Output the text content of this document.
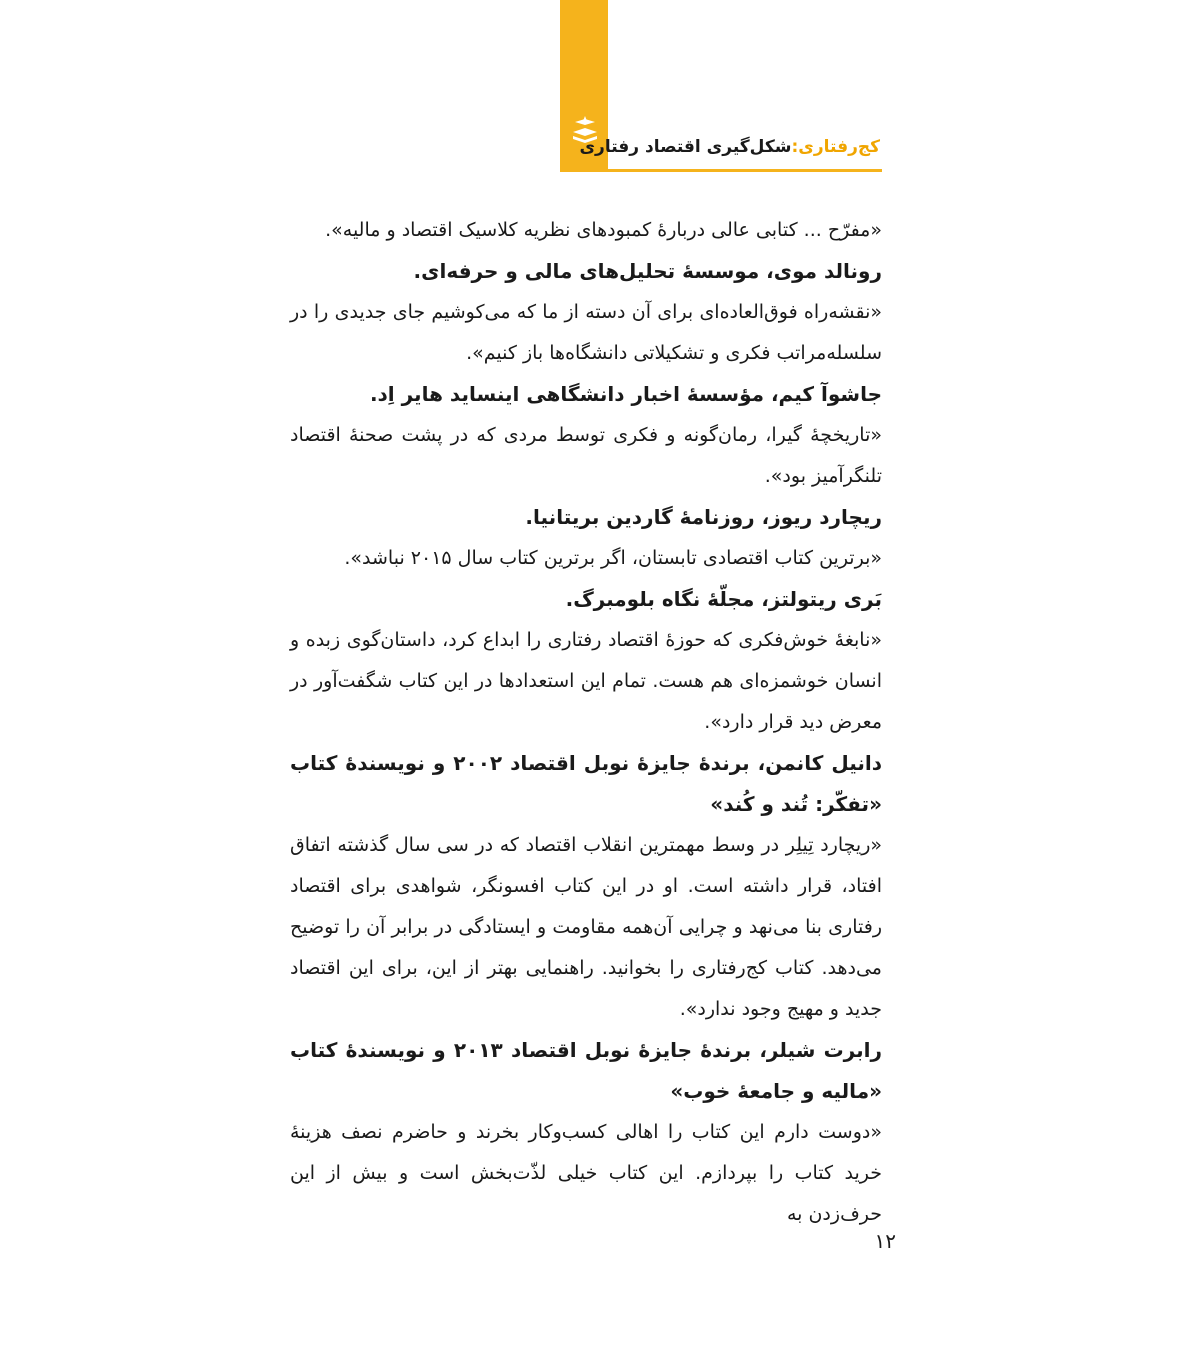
کج‌رفتاری:شکل‌گیری اقتصاد رفتاری

«مفرّح ... کتابی عالی دربارهٔ کمبودهای نظریه کلاسیک اقتصاد و مالیه».

رونالد موی، موسسهٔ تحلیل‌های مالی و حرفه‌ای.

«نقشه‌راه فوق‌العاده‌ای برای آن دسته از ما که می‌کوشیم جای جدیدی را در سلسله‌مراتب فکری و تشکیلاتی دانشگاه‌ها باز کنیم».

جاشوآ کیم، مؤسسهٔ اخبار دانشگاهی اینساید هایر اِد.

«تاریخچهٔ گیرا، رمان‌گونه و فکری توسط مردی که در پشت صحنهٔ اقتصاد تلنگرآمیز بود».

ریچارد ریوز، روزنامهٔ گاردین بریتانیا.

«برترین کتاب اقتصادی تابستان، اگر برترین کتاب سال ۲۰۱۵ نباشد».

بَری ریتولتز، مجلّهٔ نگاه بلومبرگ.

«نابغهٔ خوش‌فکری که حوزهٔ اقتصاد رفتاری را ابداع کرد، داستان‌گوی زبده و انسان خوشمزه‌ای هم هست. تمام این استعدادها در این کتاب شگفت‌آور در معرض دید قرار دارد».

دانیل کانمن، برندهٔ جایزهٔ نوبل اقتصاد ۲۰۰۲ و نویسندهٔ کتاب «تفکّر: تُند و کُند»

«ریچارد تِیلِر در وسط مهمترین انقلاب اقتصاد که در سی سال گذشته اتفاق افتاد، قرار داشته است. او در این کتاب افسونگر، شواهدی برای اقتصاد رفتاری بنا می‌نهد و چرایی آن‌همه مقاومت و ایستادگی در برابر آن را توضیح می‌دهد. کتاب کج‌رفتاری را بخوانید. راهنمایی بهتر از این، برای این اقتصاد جدید و مهیج وجود ندارد».

رابرت شیلر، برندهٔ جایزهٔ نوبل اقتصاد ۲۰۱۳ و نویسندهٔ کتاب «مالیه و جامعهٔ خوب»

«دوست دارم این کتاب را اهالی کسب‌وکار بخرند و حاضرم نصف هزینهٔ خرید کتاب را بپردازم. این کتاب خیلی لذّت‌بخش است و بیش از این حرف‌زدن به

۱۲
